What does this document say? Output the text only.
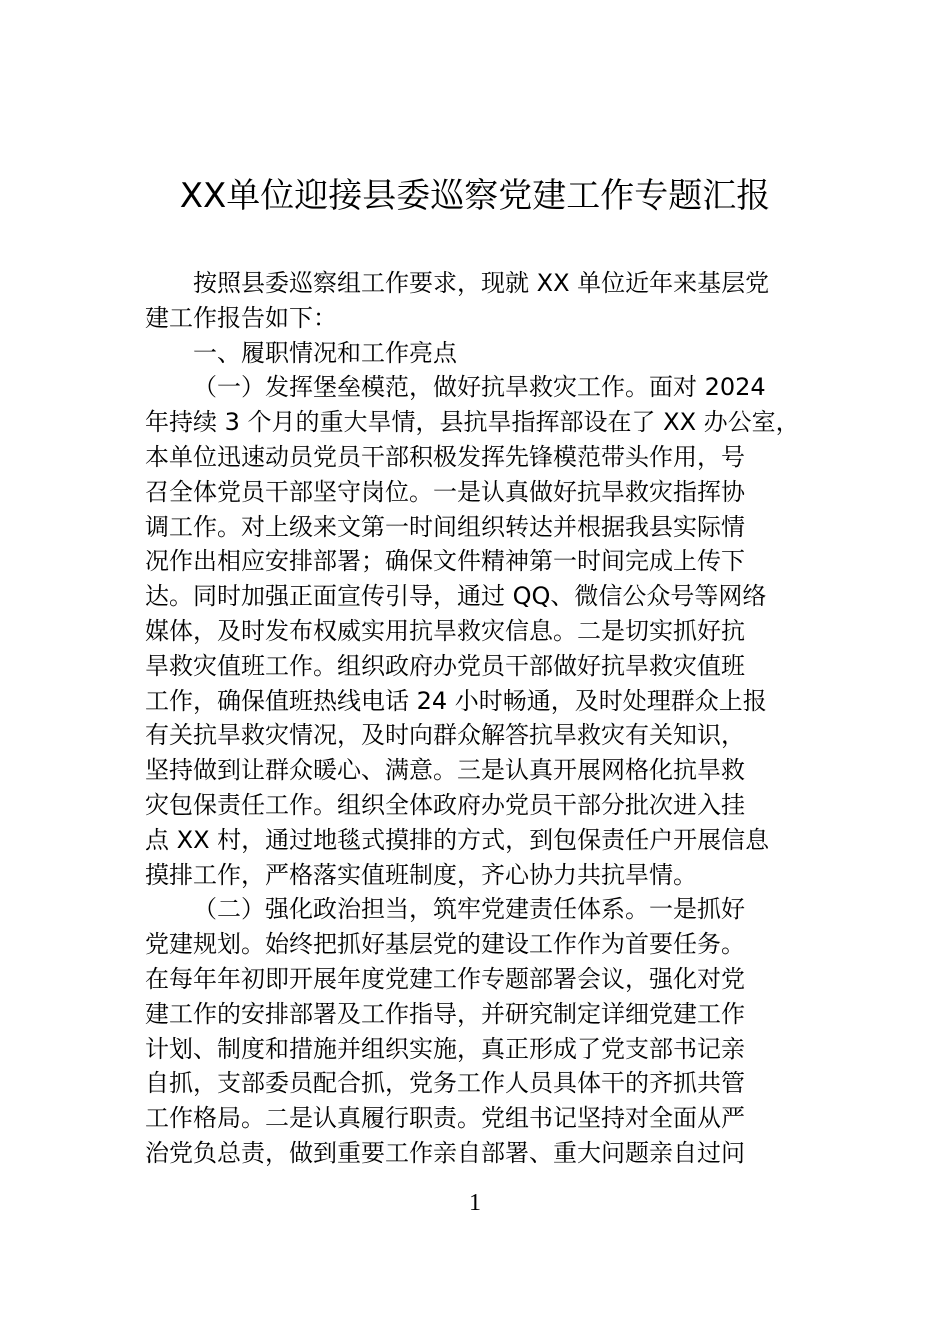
XX单位迎接县委巡察党建工作专题汇报
按照县委巡察组工作要求，现就 XX 单位近年来基层党
建工作报告如下：
一、履职情况和工作亮点
（一）发挥堡垒模范，做好抗旱救灾工作。面对 2024
年持续 3 个月的重大旱情，县抗旱指挥部设在了 XX 办公室，
本单位迅速动员党员干部积极发挥先锋模范带头作用，号
召全体党员干部坚守岗位。一是认真做好抗旱救灾指挥协
调工作。对上级来文第一时间组织转达并根据我县实际情
况作出相应安排部署；确保文件精神第一时间完成上传下
达。同时加强正面宣传引导，通过 QQ、微信公众号等网络
媒体，及时发布权威实用抗旱救灾信息。二是切实抓好抗
旱救灾值班工作。组织政府办党员干部做好抗旱救灾值班
工作，确保值班热线电话 24 小时畅通，及时处理群众上报
有关抗旱救灾情况，及时向群众解答抗旱救灾有关知识，
坚持做到让群众暖心、满意。三是认真开展网格化抗旱救
灾包保责任工作。组织全体政府办党员干部分批次进入挂
点 XX 村，通过地毯式摸排的方式，到包保责任户开展信息
摸排工作，严格落实值班制度，齐心协力共抗旱情。
（二）强化政治担当，筑牢党建责任体系。一是抓好
党建规划。始终把抓好基层党的建设工作作为首要任务。
在每年年初即开展年度党建工作专题部署会议，强化对党
建工作的安排部署及工作指导，并研究制定详细党建工作
计划、制度和措施并组织实施，真正形成了党支部书记亲
自抓，支部委员配合抓，党务工作人员具体干的齐抓共管
工作格局。二是认真履行职责。党组书记坚持对全面从严
治党负总责，做到重要工作亲自部署、重大问题亲自过问
1
